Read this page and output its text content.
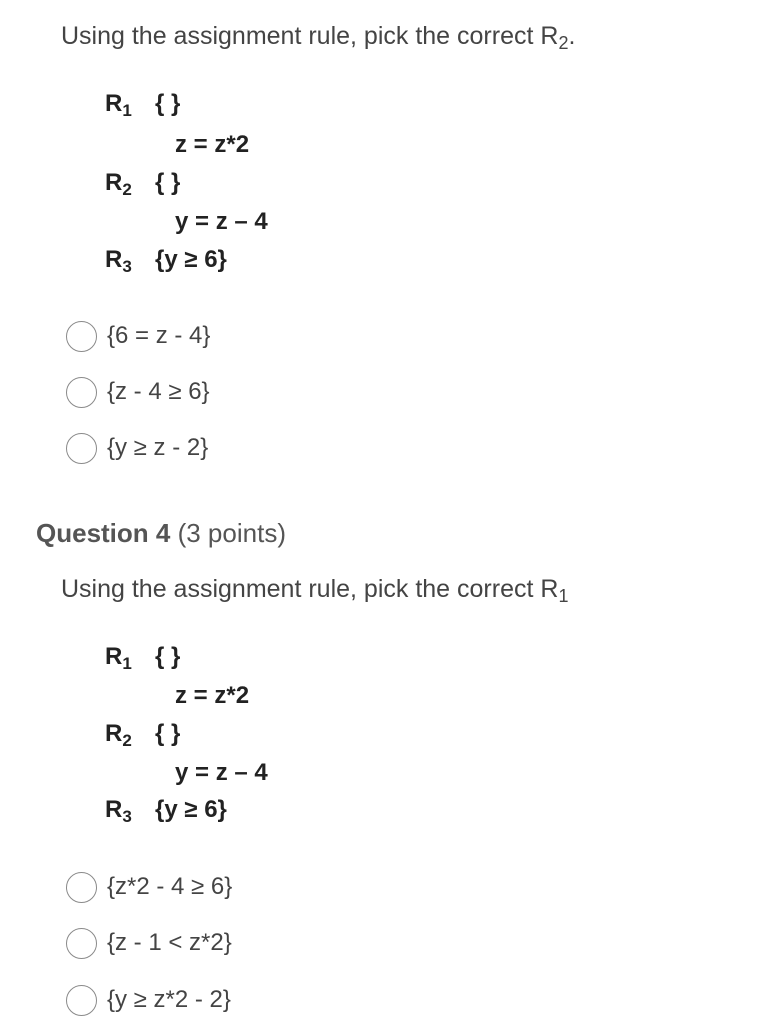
Using the assignment rule, pick the correct $R_2$.
$R_1$ { }
z = z*2
$R_2$ { }
y = z – 4
$R_3$ {y ≥ 6}
{6 = z - 4}
{z - 4 ≥ 6}
{y ≥ z - 2}
Question 4 (3 points)
Using the assignment rule, pick the correct $R_1$
$R_1$ { }
z = z*2
$R_2$ { }
y = z – 4
$R_3$ {y ≥ 6}
{z*2 - 4 ≥ 6}
{z - 1 < z*2}
{y ≥ z*2 - 2}
